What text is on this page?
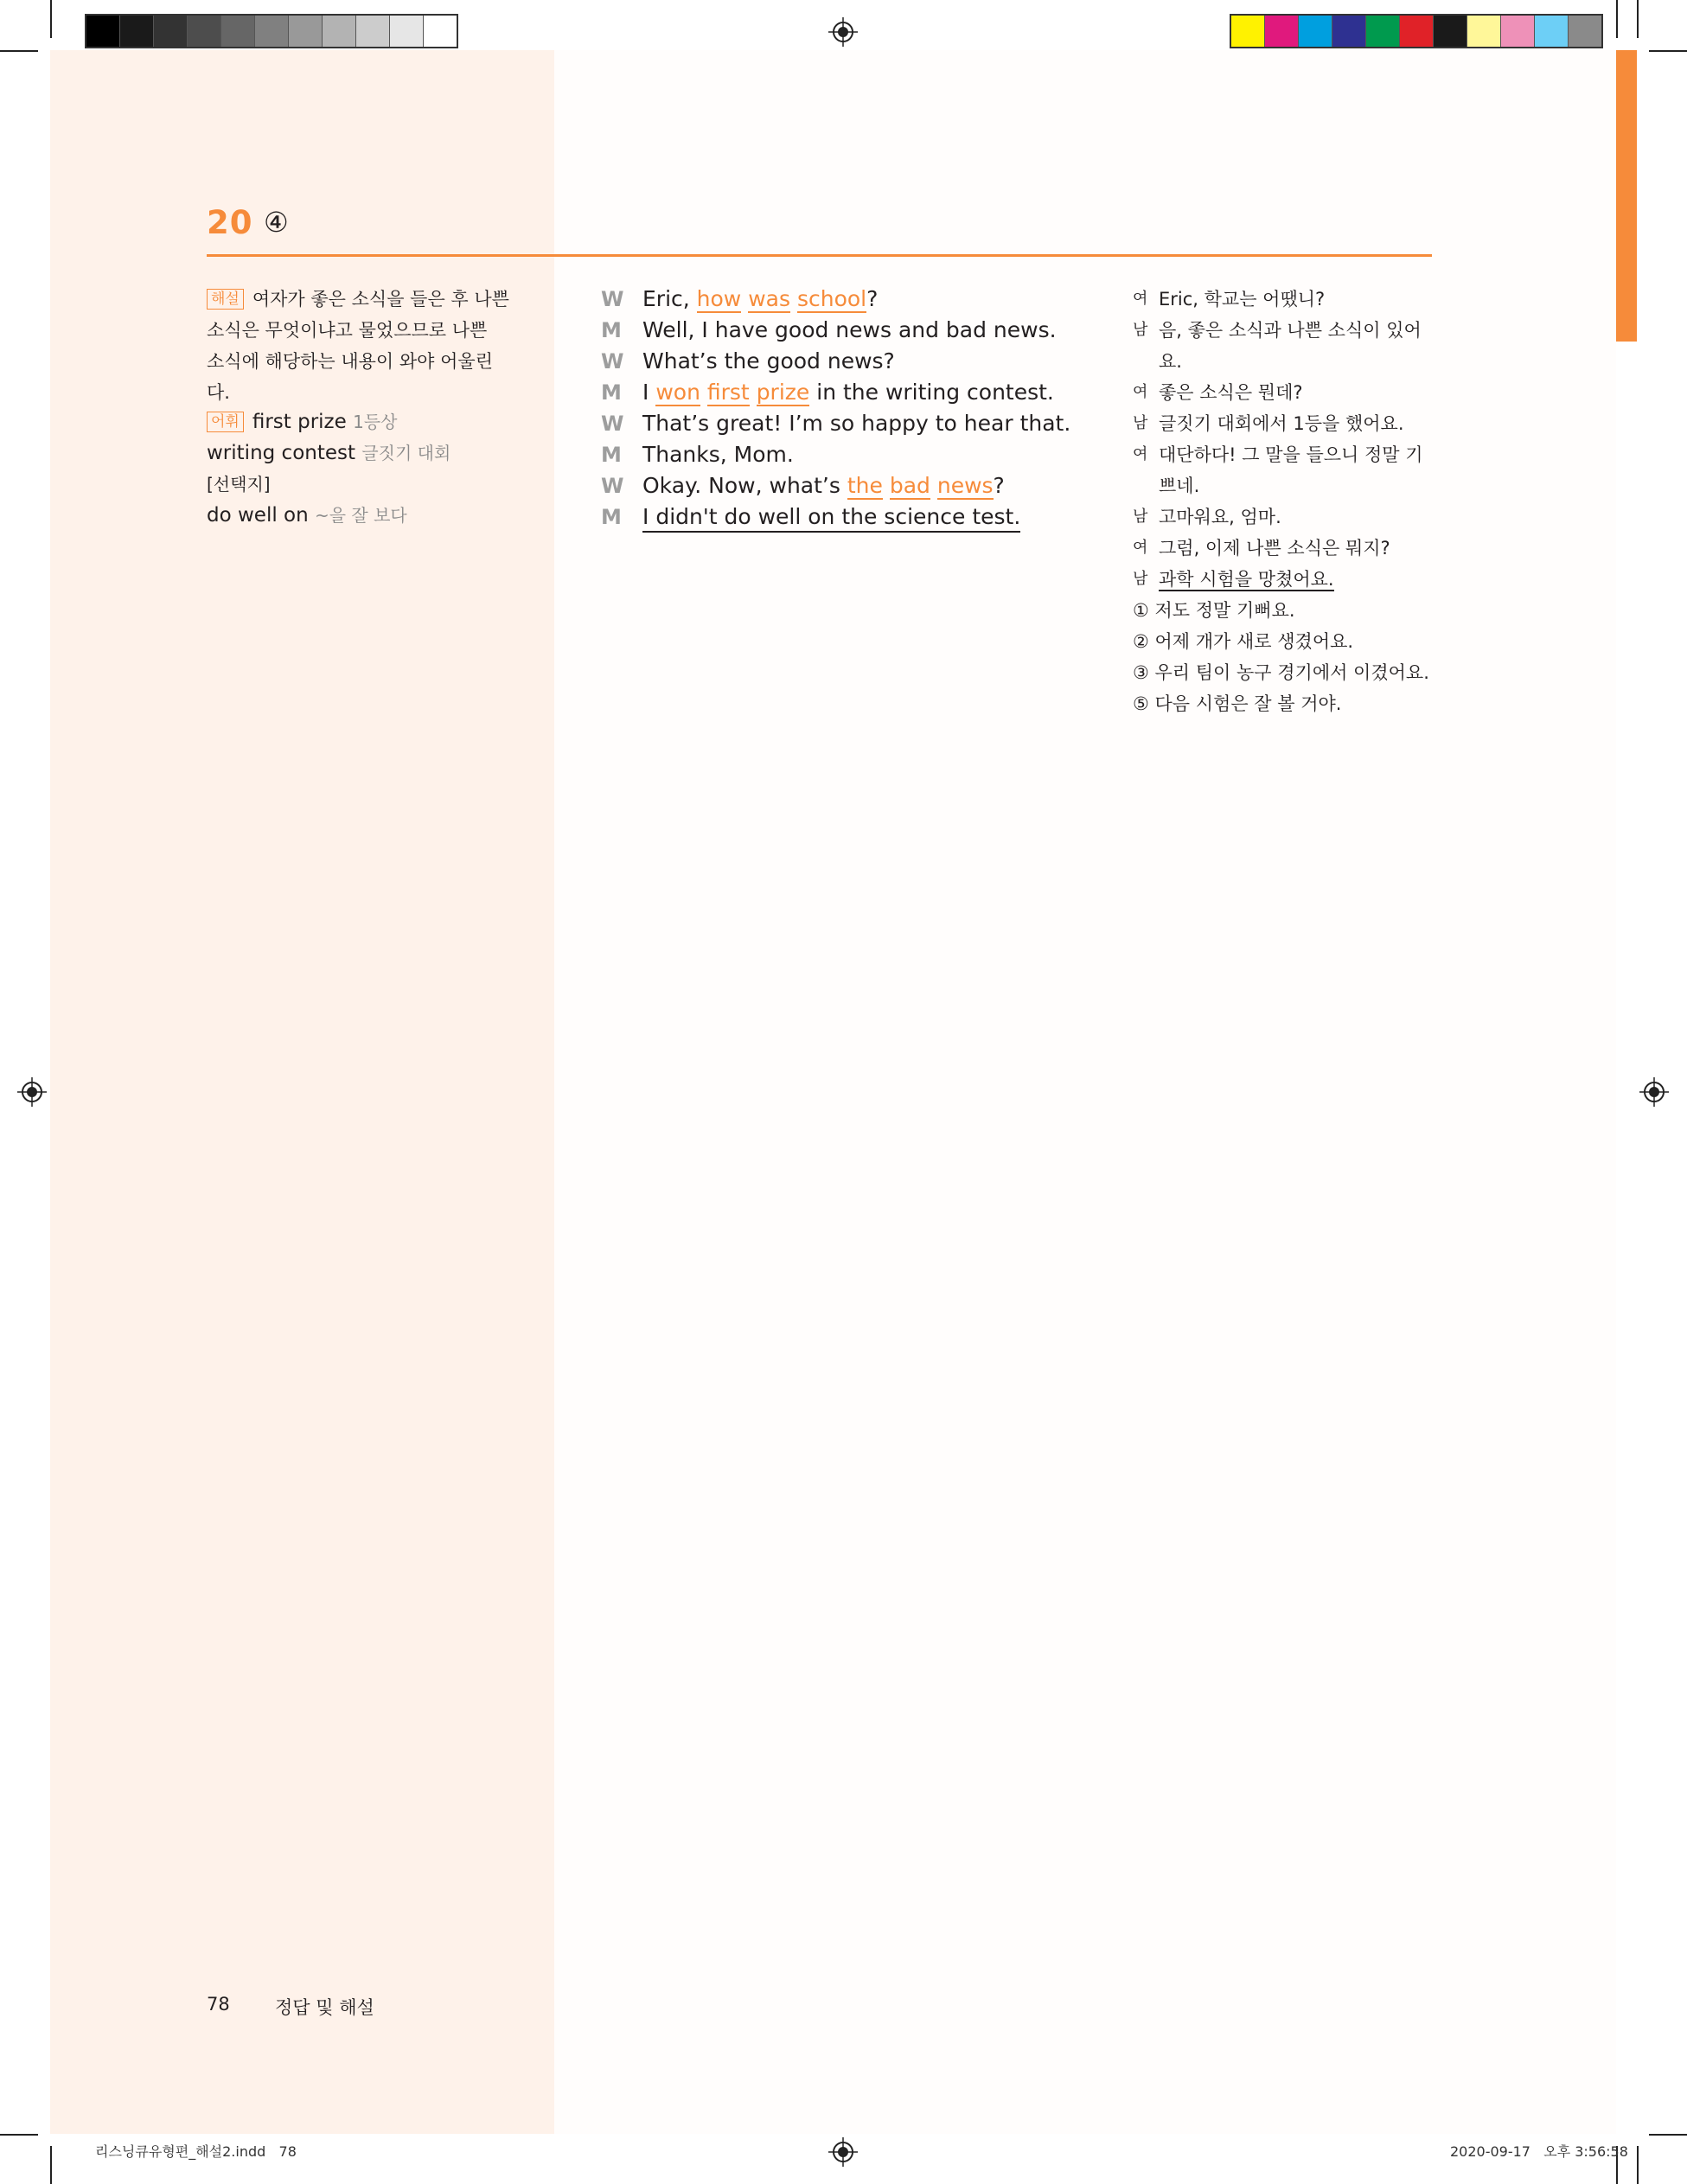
20 ④
해설 여자가 좋은 소식을 들은 후 나쁜 소식은 무엇이냐고 물었으므로 나쁜 소식에 해당하는 내용이 와야 어울린다.
어휘 first prize 1등상
writing contest 글짓기 대회
[선택지]
do well on ~을 잘 보다
W Eric, how was school?
M Well, I have good news and bad news.
W What’s the good news?
M I won first prize in the writing contest.
W That’s great! I’m so happy to hear that.
M Thanks, Mom.
W Okay. Now, what’s the bad news?
M I didn't do well on the science test.
여 Eric, 학교는 어땠니?
남 음, 좋은 소식과 나쁜 소식이 있어요.
여 좋은 소식은 뭔데?
남 글짓기 대회에서 1등을 했어요.
여 대단하다! 그 말을 들으니 정말 기쁘네.
남 고마워요, 엄마.
여 그럼, 이제 나쁜 소식은 뭐지?
남 과학 시험을 망쳤어요.
① 저도 정말 기뻐요.
② 어제 개가 새로 생겼어요.
③ 우리 팀이 농구 경기에서 이겼어요.
⑤ 다음 시험은 잘 볼 거야.
78 정답 및 해설
리스닝큐유형편_해설2.indd   78	2020-09-17   오후 3:56:58
